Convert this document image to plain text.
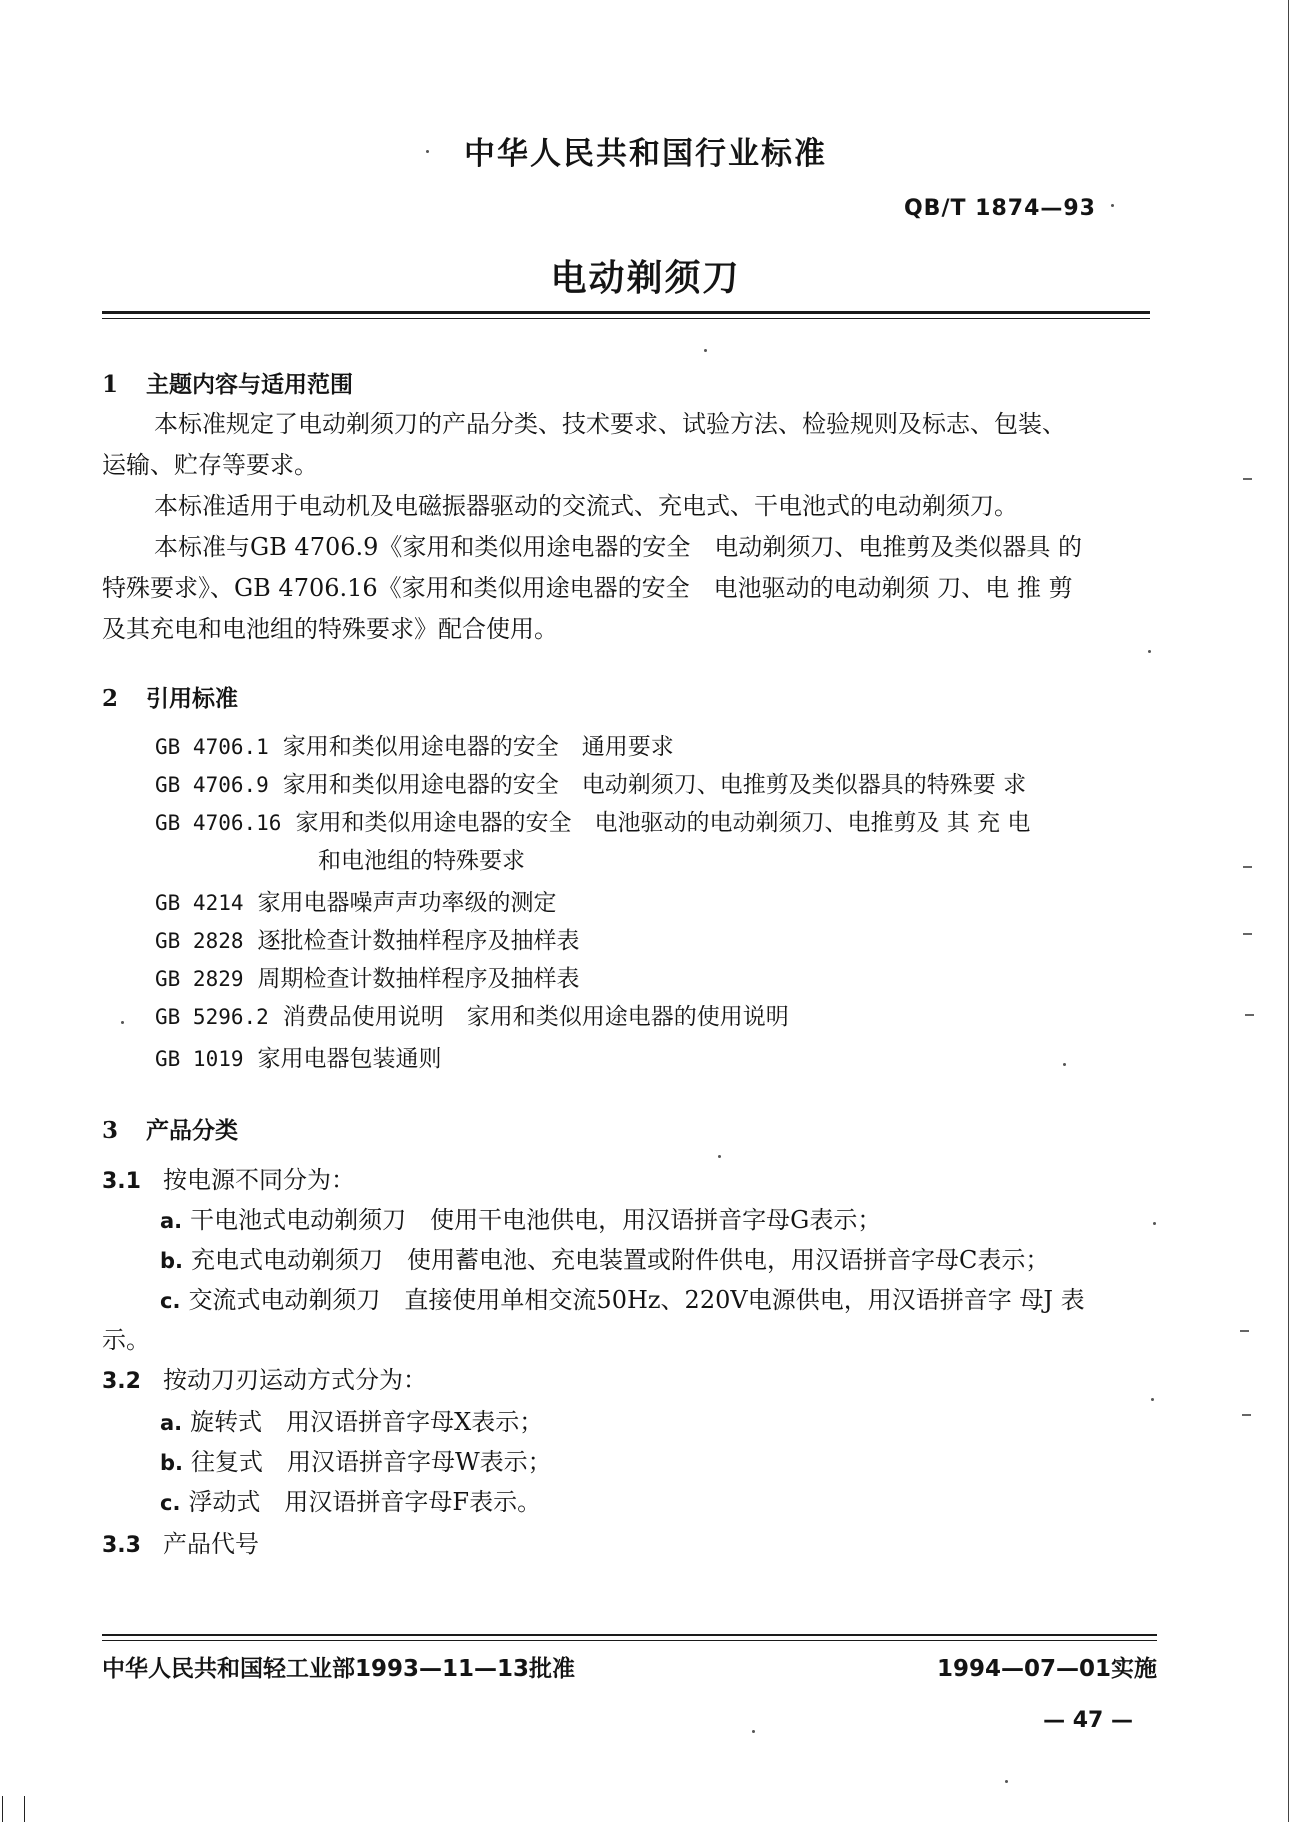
中华人民共和国行业标准
QB/T 1874—93
电动剃须刀
1 主题内容与适用范围
本标准规定了电动剃须刀的产品分类、技术要求、试验方法、检验规则及标志、包装、
运输、贮存等要求。
本标准适用于电动机及电磁振器驱动的交流式、充电式、干电池式的电动剃须刀。
本标准与GB 4706.9《家用和类似用途电器的安全　电动剃须刀、电推剪及类似器具 的
特殊要求》、GB 4706.16《家用和类似用途电器的安全　电池驱动的电动剃须 刀、电 推 剪
及其充电和电池组的特殊要求》配合使用。
2 引用标准
GB 4706.1 家用和类似用途电器的安全　通用要求
GB 4706.9 家用和类似用途电器的安全　电动剃须刀、电推剪及类似器具的特殊要 求
GB 4706.16 家用和类似用途电器的安全　电池驱动的电动剃须刀、电推剪及 其 充 电
和电池组的特殊要求
GB 4214 家用电器噪声声功率级的测定
GB 2828 逐批检查计数抽样程序及抽样表
GB 2829 周期检查计数抽样程序及抽样表
GB 5296.2 消费品使用说明　家用和类似用途电器的使用说明
GB 1019 家用电器包装通则
3 产品分类
3.1 按电源不同分为：
a. 干电池式电动剃须刀　使用干电池供电，用汉语拼音字母G表示；
b. 充电式电动剃须刀　使用蓄电池、充电装置或附件供电，用汉语拼音字母C表示；
c. 交流式电动剃须刀　直接使用单相交流50Hz、220V电源供电，用汉语拼音字 母J 表
示。
3.2 按动刀刃运动方式分为：
a. 旋转式　用汉语拼音字母X表示；
b. 往复式　用汉语拼音字母W表示；
c. 浮动式　用汉语拼音字母F表示。
3.3 产品代号
中华人民共和国轻工业部1993—11—13批准	1994—07—01实施
— 47 —
